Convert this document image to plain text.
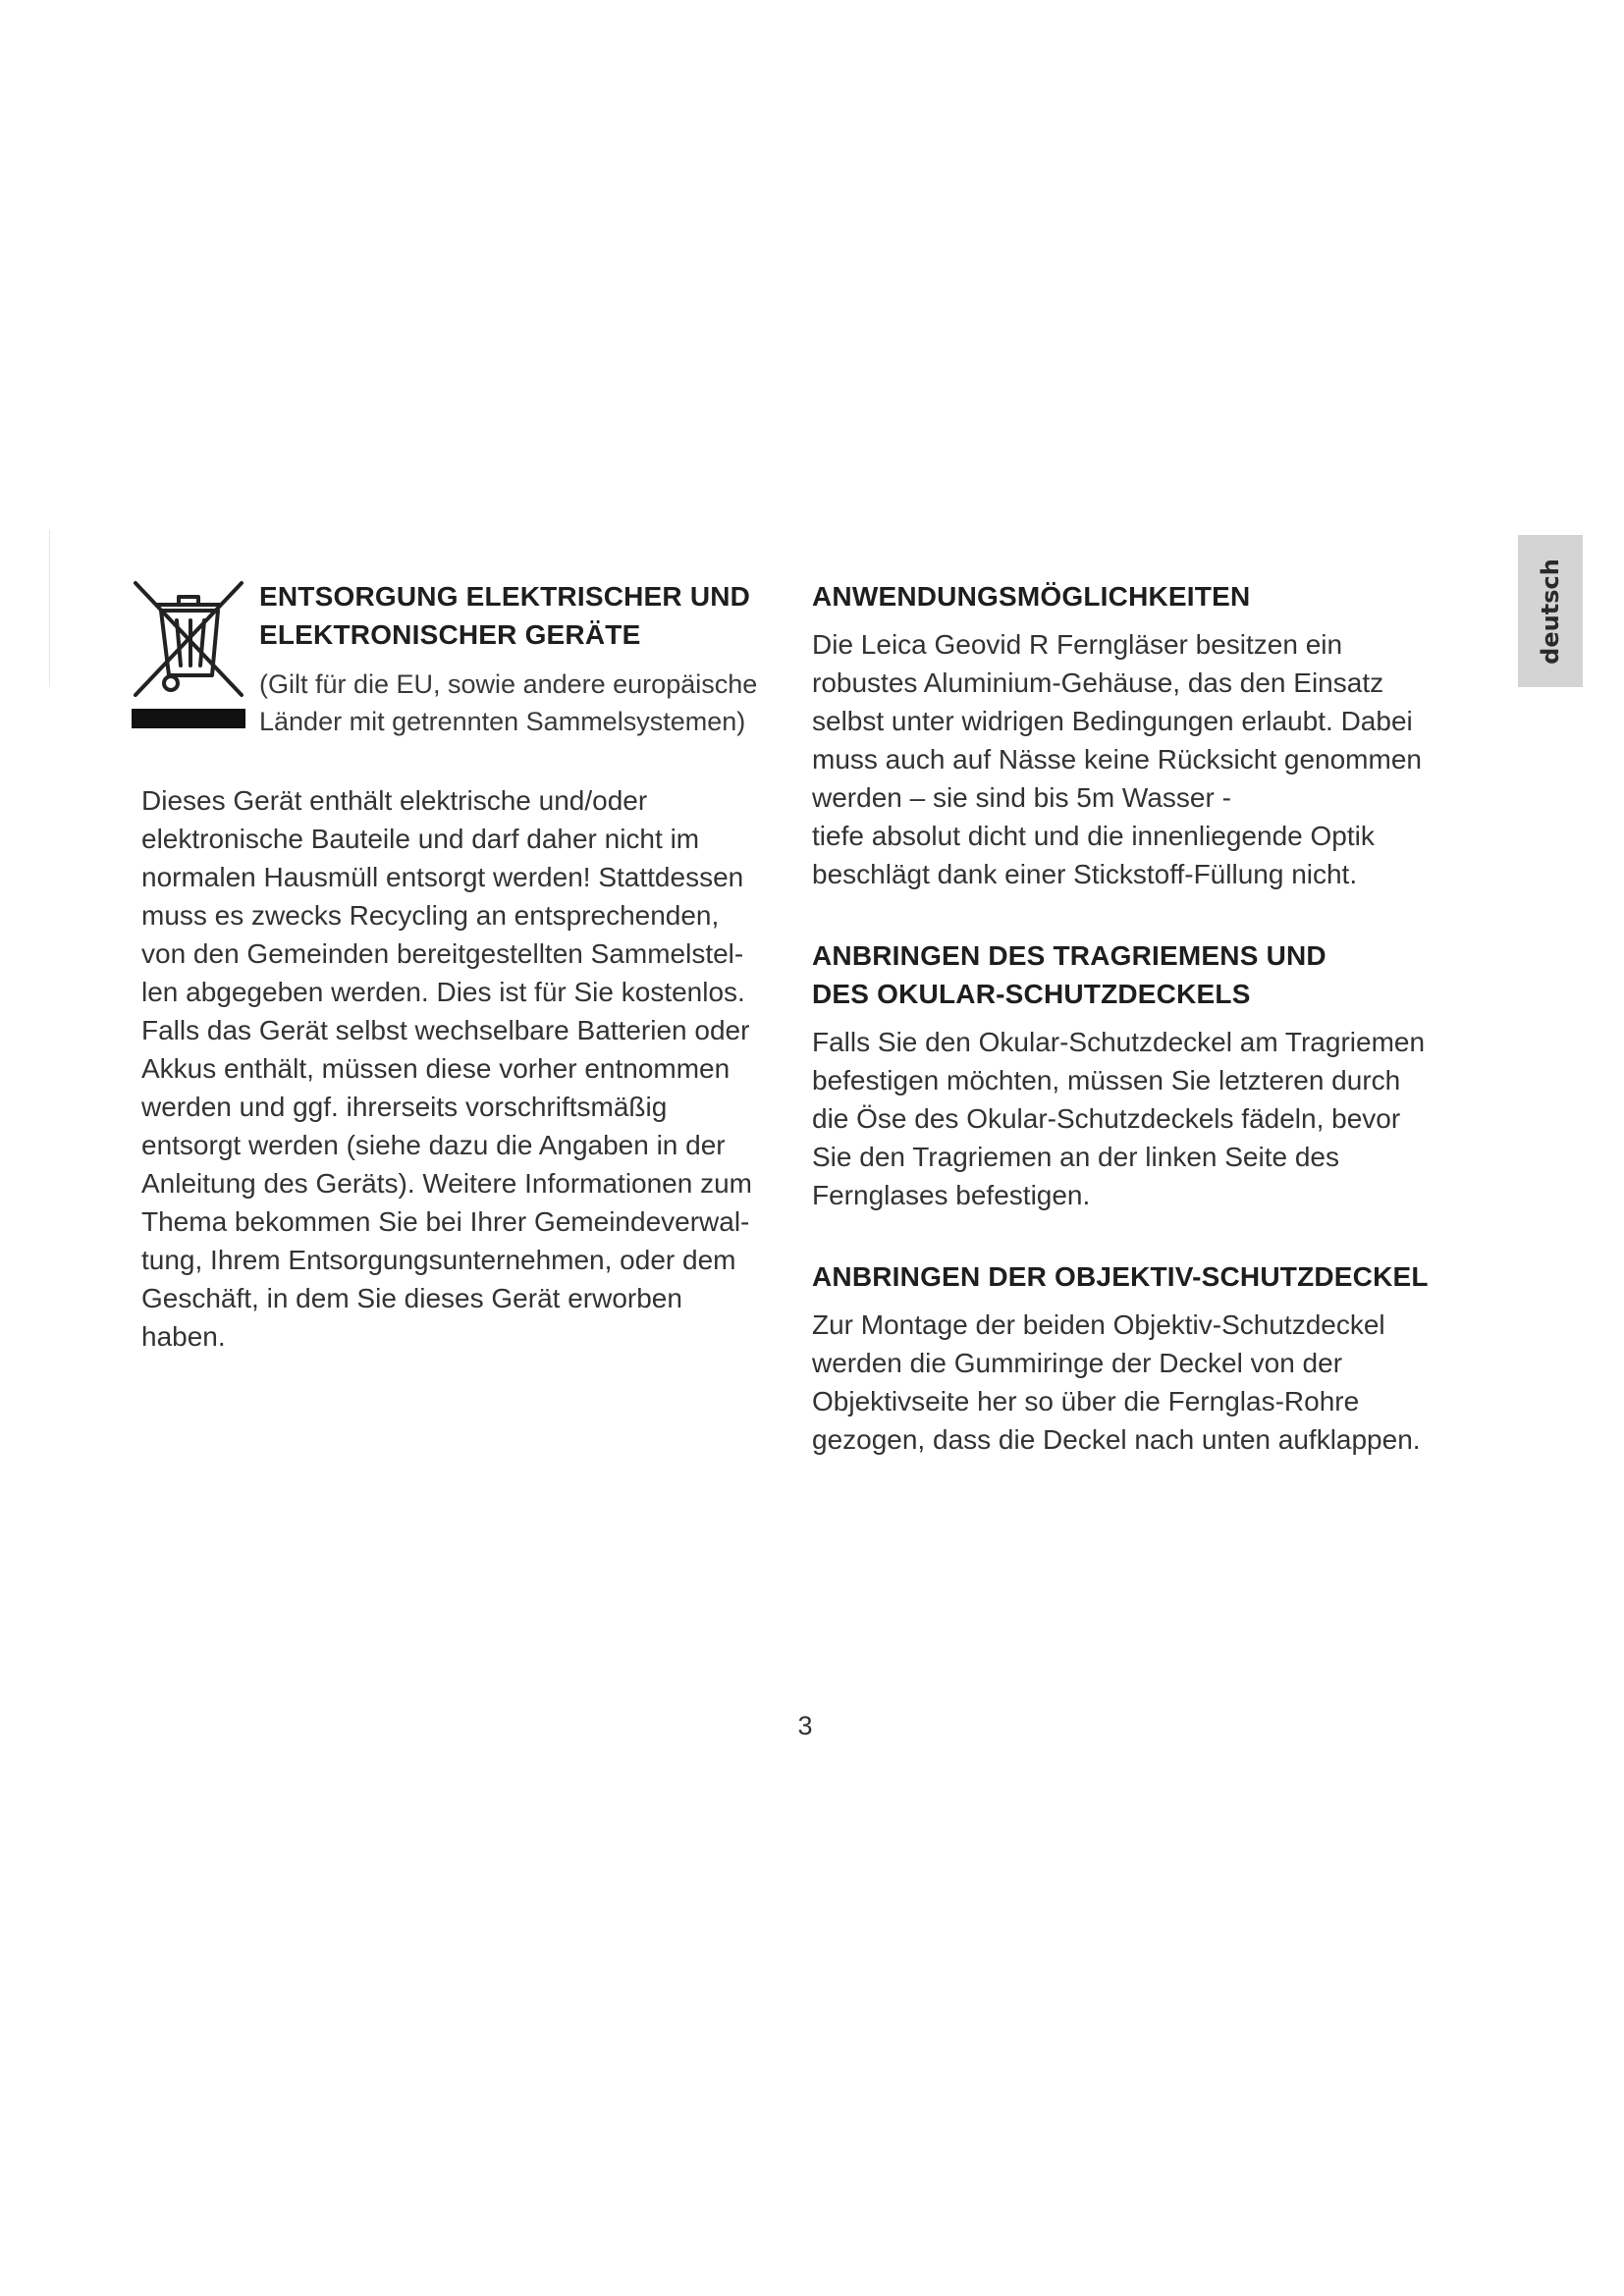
ENTSORGUNG ELEKTRISCHER UND
ELEKTRONISCHER GERÄTE
(Gilt für die EU, sowie andere europäische
Länder mit getrennten Sammelsystemen)
Dieses Gerät enthält elektrische und/oder
elektronische Bauteile und darf daher nicht im
normalen Hausmüll entsorgt werden! Stattdessen
muss es zwecks Recycling an entsprechenden,
von den Gemeinden bereitgestellten Sammelstel-
len abgegeben werden. Dies ist für Sie kostenlos.
Falls das Gerät selbst wechselbare Batterien oder
Akkus enthält, müssen diese vorher entnommen
werden und ggf. ihrerseits vorschriftsmäßig
entsorgt werden (siehe dazu die Angaben in der
Anleitung des Geräts). Weitere Informationen zum
Thema bekommen Sie bei Ihrer Gemeindeverwal-
tung, Ihrem Entsorgungsunternehmen, oder dem
Geschäft, in dem Sie dieses Gerät erworben
haben.
ANWENDUNGSMÖGLICHKEITEN
Die Leica Geovid R Ferngläser besitzen ein
robustes Aluminium-Gehäuse, das den Einsatz
selbst unter widrigen Bedingungen erlaubt. Dabei
muss auch auf Nässe keine Rücksicht genommen
werden – sie sind bis 5m Wasser -
tiefe absolut dicht und die innenliegende Optik
beschlägt dank einer Stickstoff-Füllung nicht.
ANBRINGEN DES TRAGRIEMENS UND
DES OKULAR-SCHUTZDECKELS
Falls Sie den Okular-Schutzdeckel am Tragriemen
befestigen möchten, müssen Sie letzteren durch
die Öse des Okular-Schutzdeckels fädeln, bevor
Sie den Tragriemen an der linken Seite des
Fernglases befestigen.
ANBRINGEN DER OBJEKTIV-SCHUTZDECKEL
Zur Montage der beiden Objektiv-Schutzdeckel
werden die Gummiringe der Deckel von der
Objektivseite her so über die Fernglas-Rohre
gezogen, dass die Deckel nach unten aufklappen.
deutsch
3
